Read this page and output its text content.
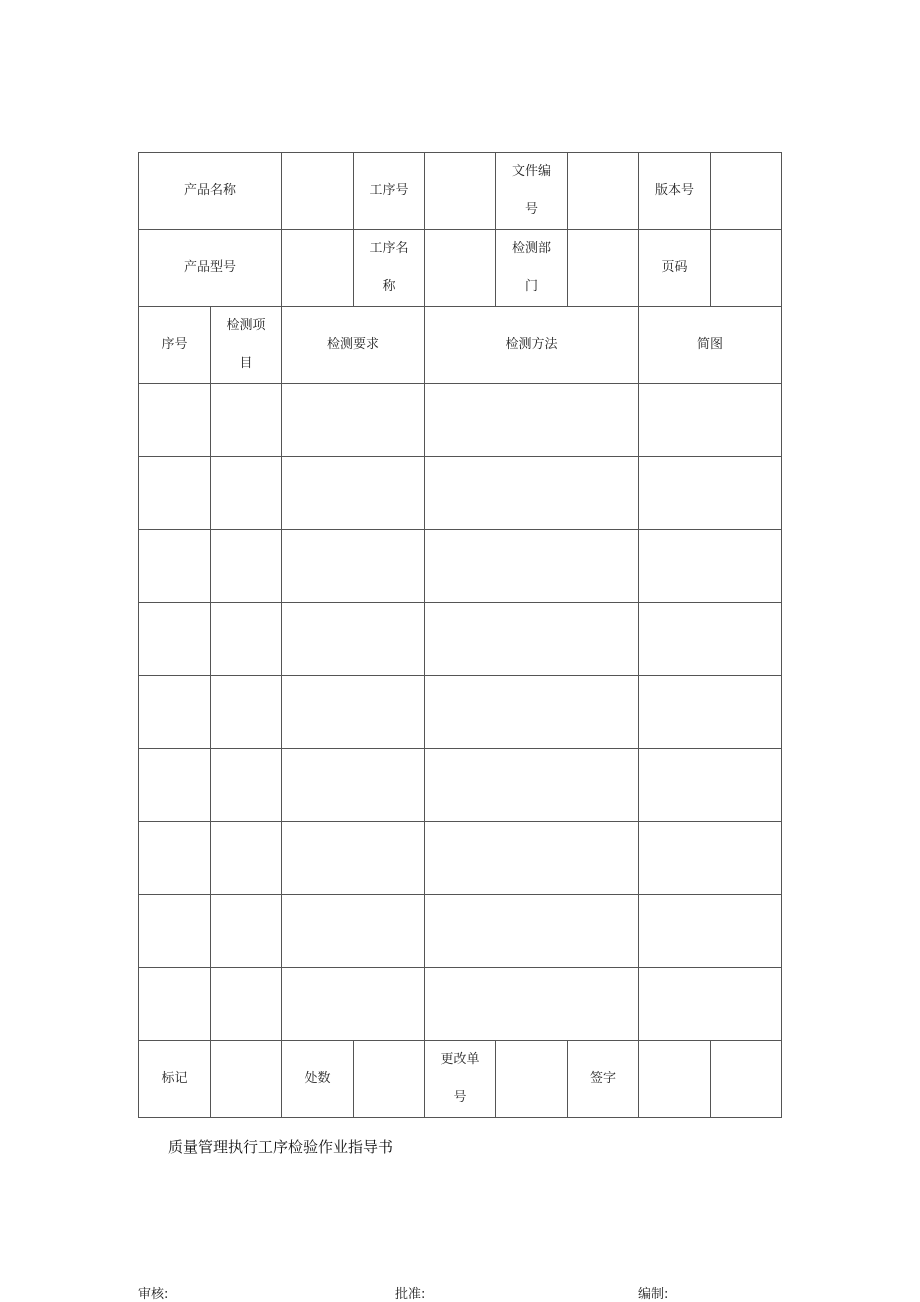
产品名称			工序号		文件编号		版本号	

产品型号			工序名称		检测部门		页码	

序号	检测项目	检测要求		检测方法			简图	

标记		处数		更改单号		签字		
质量管理执行工序检验作业指导书
审核:	批准:	编制:
